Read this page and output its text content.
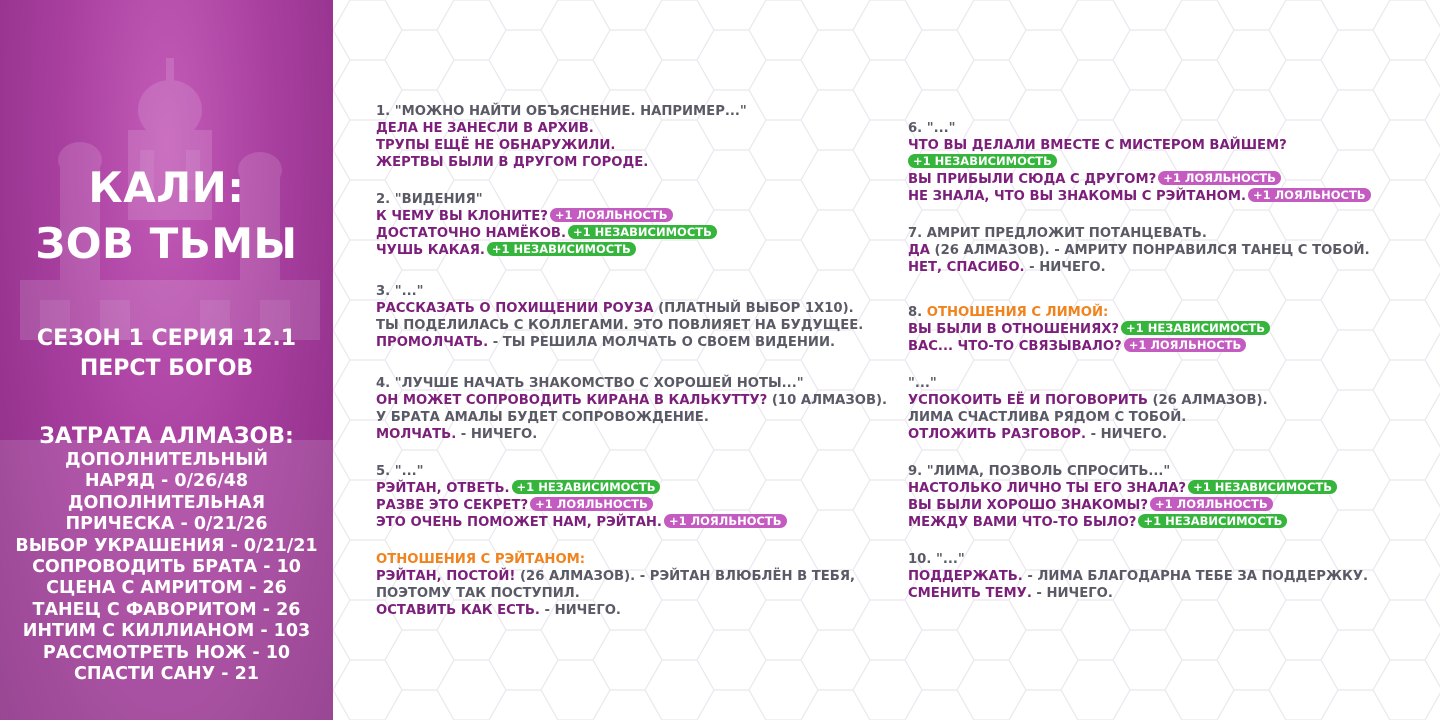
КАЛИ:
ЗОВ ТЬМЫ
СЕЗОН 1 СЕРИЯ 12.1
ПЕРСТ БОГОВ
ЗАТРАТА АЛМАЗОВ:
ДОПОЛНИТЕЛЬНЫЙ
НАРЯД - 0/26/48
ДОПОЛНИТЕЛЬНАЯ
ПРИЧЕСКА - 0/21/26
ВЫБОР УКРАШЕНИЯ - 0/21/21
СОПРОВОДИТЬ БРАТА - 10
СЦЕНА С АМРИТОМ - 26
ТАНЕЦ С ФАВОРИТОМ - 26
ИНТИМ С КИЛЛИАНОМ - 103
РАССМОТРЕТЬ НОЖ - 10
СПАСТИ САНУ - 21
1. "МОЖНО НАЙТИ ОБЪЯСНЕНИЕ. НАПРИМЕР..."
ДЕЛА НЕ ЗАНЕСЛИ В АРХИВ.
ТРУПЫ ЕЩЁ НЕ ОБНАРУЖИЛИ.
ЖЕРТВЫ БЫЛИ В ДРУГОМ ГОРОДЕ.
2. "ВИДЕНИЯ"
К ЧЕМУ ВЫ КЛОНИТЕ? +1 ЛОЯЛЬНОСТЬ
ДОСТАТОЧНО НАМЁКОВ. +1 НЕЗАВИСИМОСТЬ
ЧУШЬ КАКАЯ. +1 НЕЗАВИСИМОСТЬ
3. "..."
РАССКАЗАТЬ О ПОХИЩЕНИИ РОУЗА (ПЛАТНЫЙ ВЫБОР 1X10).
ТЫ ПОДЕЛИЛАСЬ С КОЛЛЕГАМИ. ЭТО ПОВЛИЯЕТ НА БУДУЩЕЕ.
ПРОМОЛЧАТЬ. - ТЫ РЕШИЛА МОЛЧАТЬ О СВОЕМ ВИДЕНИИ.
4. "ЛУЧШЕ НАЧАТЬ ЗНАКОМСТВО С ХОРОШЕЙ НОТЫ..."
ОН МОЖЕТ СОПРОВОДИТЬ КИРАНА В КАЛЬКУТТУ? (10 АЛМАЗОВ).
У БРАТА АМАЛЫ БУДЕТ СОПРОВОЖДЕНИЕ.
МОЛЧАТЬ. - НИЧЕГО.
5. "..."
РЭЙТАН, ОТВЕТЬ. +1 НЕЗАВИСИМОСТЬ
РАЗВЕ ЭТО СЕКРЕТ? +1 ЛОЯЛЬНОСТЬ
ЭТО ОЧЕНЬ ПОМОЖЕТ НАМ, РЭЙТАН. +1 ЛОЯЛЬНОСТЬ
ОТНОШЕНИЯ С РЭЙТАНОМ:
РЭЙТАН, ПОСТОЙ! (26 АЛМАЗОВ). - РЭЙТАН ВЛЮБЛЁН В ТЕБЯ,
ПОЭТОМУ ТАК ПОСТУПИЛ.
ОСТАВИТЬ КАК ЕСТЬ. - НИЧЕГО.
6. "..."
ЧТО ВЫ ДЕЛАЛИ ВМЕСТЕ С МИСТЕРОМ ВАЙШЕМ?
+1 НЕЗАВИСИМОСТЬ
ВЫ ПРИБЫЛИ СЮДА С ДРУГОМ? +1 ЛОЯЛЬНОСТЬ
НЕ ЗНАЛА, ЧТО ВЫ ЗНАКОМЫ С РЭЙТАНОМ. +1 ЛОЯЛЬНОСТЬ
7. АМРИТ ПРЕДЛОЖИТ ПОТАНЦЕВАТЬ.
ДА (26 АЛМАЗОВ). - АМРИТУ ПОНРАВИЛСЯ ТАНЕЦ С ТОБОЙ.
НЕТ, СПАСИБО. - НИЧЕГО.
8. ОТНОШЕНИЯ С ЛИМОЙ:
ВЫ БЫЛИ В ОТНОШЕНИЯХ? +1 НЕЗАВИСИМОСТЬ
ВАС... ЧТО-ТО СВЯЗЫВАЛО? +1 ЛОЯЛЬНОСТЬ
"..."
УСПОКОИТЬ ЕЁ И ПОГОВОРИТЬ (26 АЛМАЗОВ).
ЛИМА СЧАСТЛИВА РЯДОМ С ТОБОЙ.
ОТЛОЖИТЬ РАЗГОВОР. - НИЧЕГО.
9. "ЛИМА, ПОЗВОЛЬ СПРОСИТЬ..."
НАСТОЛЬКО ЛИЧНО ТЫ ЕГО ЗНАЛА? +1 НЕЗАВИСИМОСТЬ
ВЫ БЫЛИ ХОРОШО ЗНАКОМЫ? +1 ЛОЯЛЬНОСТЬ
МЕЖДУ ВАМИ ЧТО-ТО БЫЛО? +1 НЕЗАВИСИМОСТЬ
10. "..."
ПОДДЕРЖАТЬ. - ЛИМА БЛАГОДАРНА ТЕБЕ ЗА ПОДДЕРЖКУ.
СМЕНИТЬ ТЕМУ. - НИЧЕГО.
